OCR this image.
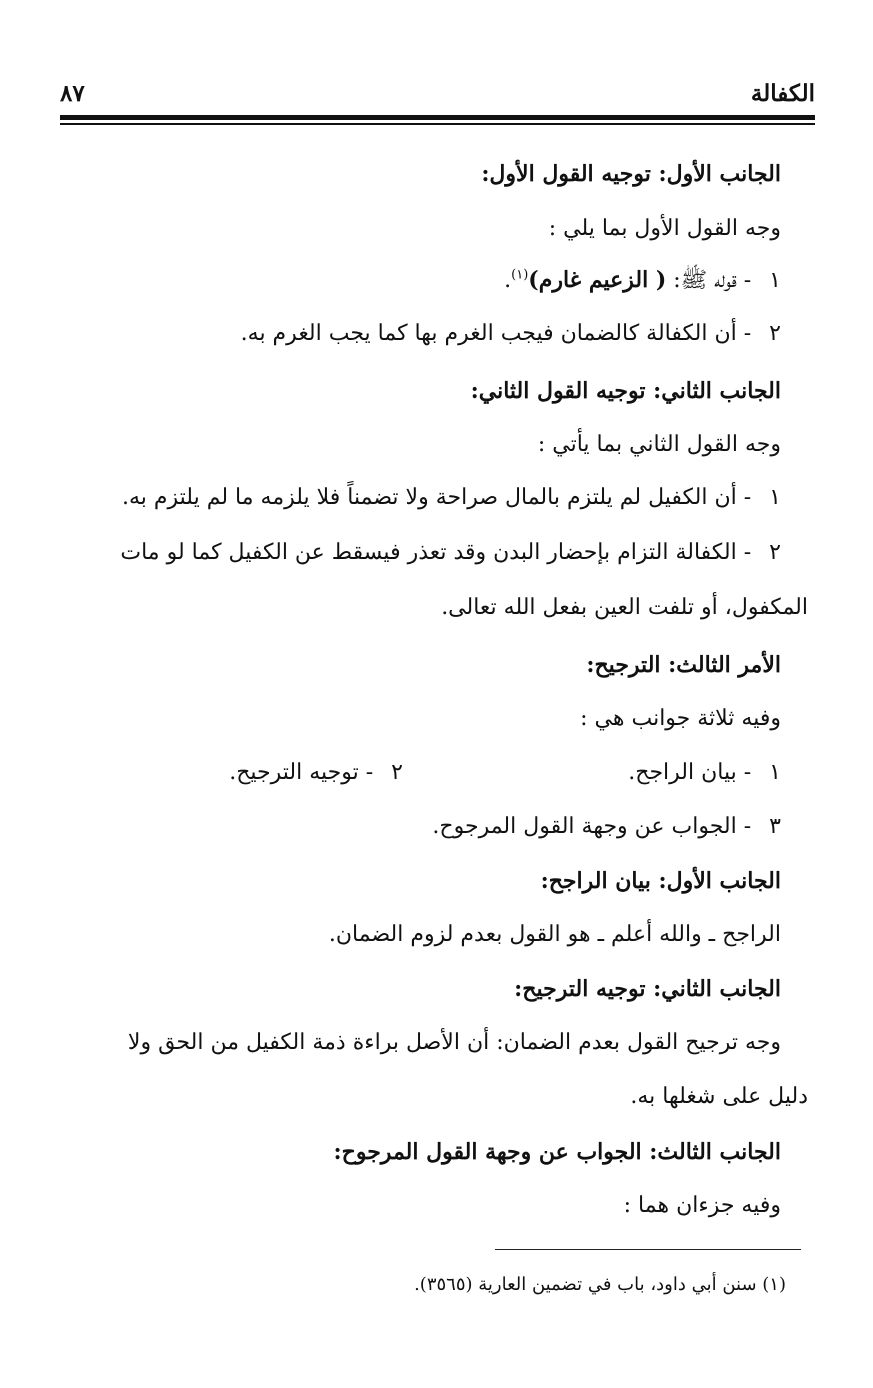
الكفالة
٨٧
الجانب الأول: توجيه القول الأول:
وجه القول الأول بما يلي :
١- قوله ﷺ: ( الزعيم غارم)$^{(١)}$.
٢- أن الكفالة كالضمان فيجب الغرم بها كما يجب الغرم به.
الجانب الثاني: توجيه القول الثاني:
وجه القول الثاني بما يأتي :
١- أن الكفيل لم يلتزم بالمال صراحة ولا تضمناً فلا يلزمه ما لم يلتزم به.
٢- الكفالة التزام بإحضار البدن وقد تعذر فيسقط عن الكفيل كما لو مات
المكفول، أو تلفت العين بفعل الله تعالى.
الأمر الثالث: الترجيح:
وفيه ثلاثة جوانب هي :
١- بيان الراجح.
٢- توجيه الترجيح.
٣- الجواب عن وجهة القول المرجوح.
الجانب الأول: بيان الراجح:
الراجح ـ والله أعلم ـ هو القول بعدم لزوم الضمان.
الجانب الثاني: توجيه الترجيح:
وجه ترجيح القول بعدم الضمان: أن الأصل براءة ذمة الكفيل من الحق ولا
دليل على شغلها به.
الجانب الثالث: الجواب عن وجهة القول المرجوح:
وفيه جزءان هما :
(١) سنن أبي داود، باب في تضمين العارية (٣٥٦٥).
